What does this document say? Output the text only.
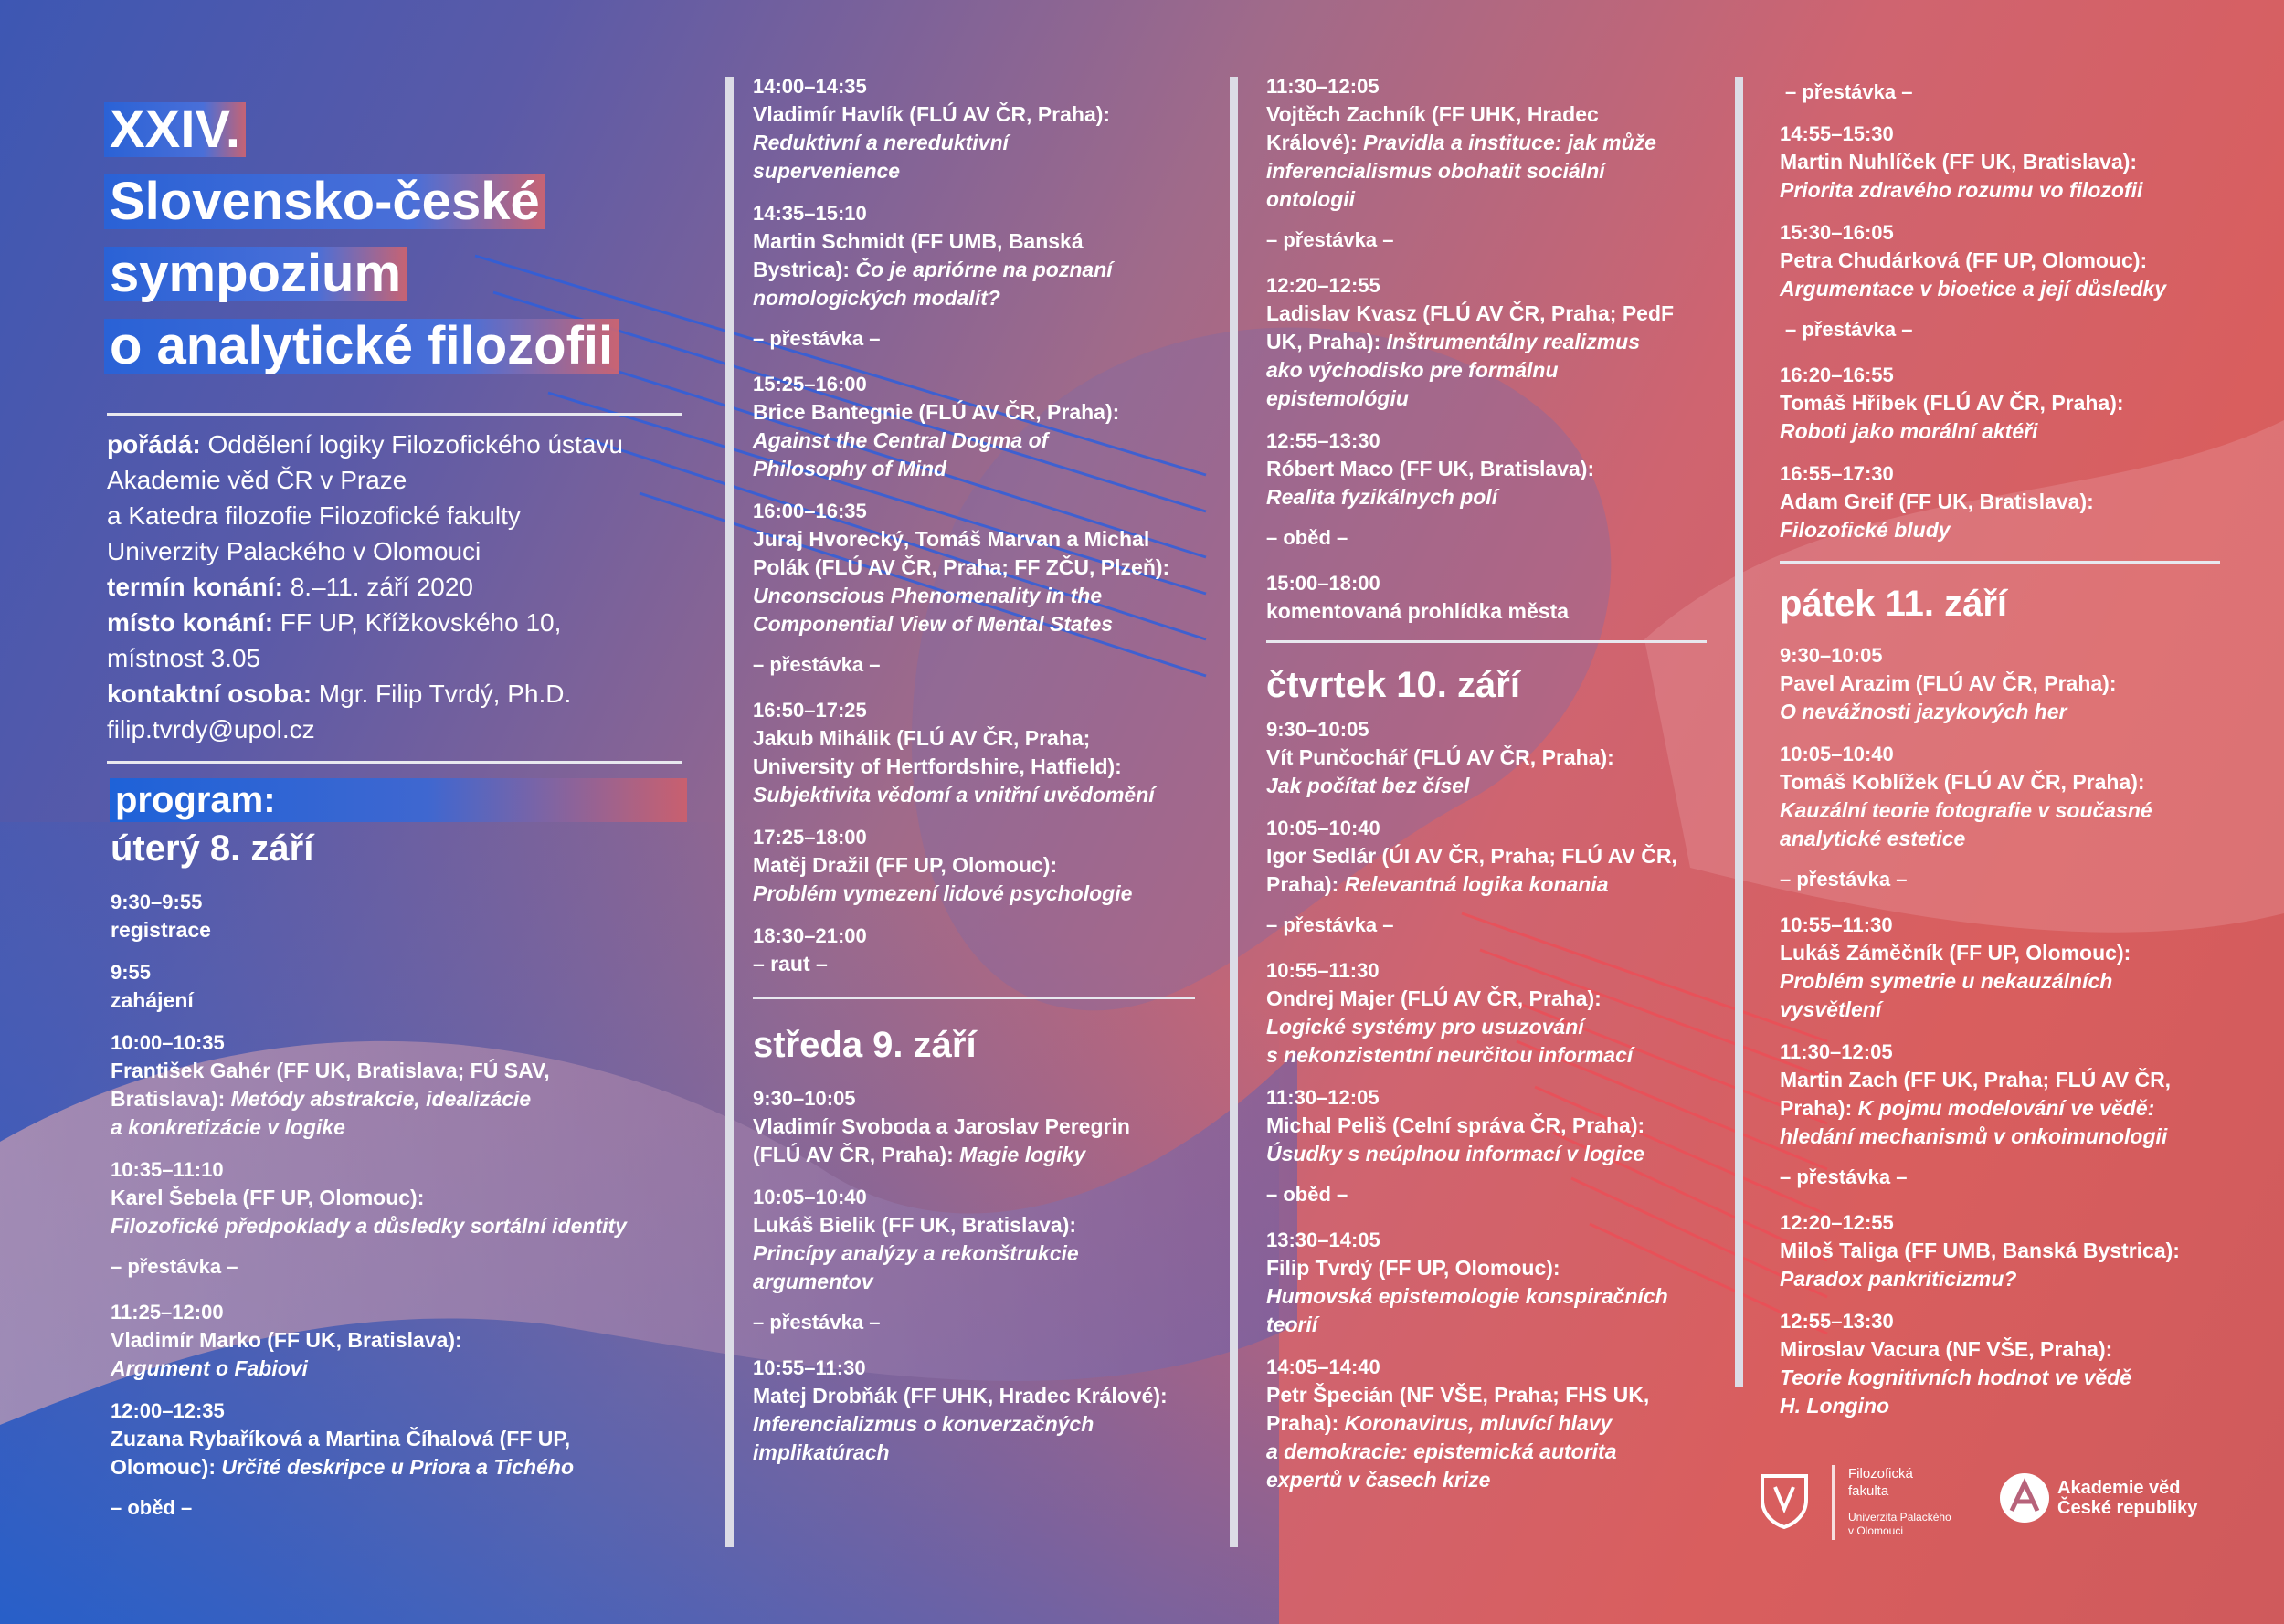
XXIV.
Slovensko-české
sympozium
o analytické filozofii
pořádá: Oddělení logiky Filozofického ústavu
Akademie věd ČR v Praze
a Katedra filozofie Filozofické fakulty
Univerzity Palackého v Olomouci
termín konání: 8.–11. září 2020
místo konání: FF UP, Křížkovského 10,
místnost 3.05
kontaktní osoba: Mgr. Filip Tvrdý, Ph.D.
filip.tvrdy@upol.cz
program:
úterý 8. září
9:30–9:55
registrace
9:55
zahájení
10:00–10:35
František Gahér (FF UK, Bratislava; FÚ SAV,
Bratislava): Metódy abstrakcie, idealizácie
a konkretizácie v logike
10:35–11:10
Karel Šebela (FF UP, Olomouc):
Filozofické předpoklady a důsledky sortální identity
– přestávka –
11:25–12:00
Vladimír Marko (FF UK, Bratislava):
Argument o Fabiovi
12:00–12:35
Zuzana Rybaříková a Martina Číhalová (FF UP,
Olomouc): Určité deskripce u Priora a Tichého
– oběd –
14:00–14:35
Vladimír Havlík (FLÚ AV ČR, Praha):
Reduktivní a nereduktivní
supervenience
14:35–15:10
Martin Schmidt (FF UMB, Banská
Bystrica): Čo je apriórne na poznaní
nomologických modalít?
– přestávka –
15:25–16:00
Brice Bantegnie (FLÚ AV ČR, Praha):
Against the Central Dogma of
Philosophy of Mind
16:00–16:35
Juraj Hvorecký, Tomáš Marvan a Michal
Polák (FLÚ AV ČR, Praha; FF ZČU, Plzeň):
Unconscious Phenomenality in the
Componential View of Mental States
– přestávka –
16:50–17:25
Jakub Mihálik (FLÚ AV ČR, Praha;
University of Hertfordshire, Hatfield):
Subjektivita vědomí a vnitřní uvědomění
17:25–18:00
Matěj Dražil (FF UP, Olomouc):
Problém vymezení lidové psychologie
18:30–21:00
– raut –
středa 9. září
9:30–10:05
Vladimír Svoboda a Jaroslav Peregrin
(FLÚ AV ČR, Praha): Magie logiky
10:05–10:40
Lukáš Bielik (FF UK, Bratislava):
Princípy analýzy a rekonštrukcie
argumentov
– přestávka –
10:55–11:30
Matej Drobňák (FF UHK, Hradec Králové):
Inferencializmus o konverzačných
implikatúrach
11:30–12:05
Vojtěch Zachník (FF UHK, Hradec
Králové): Pravidla a instituce: jak může
inferencialismus obohatit sociální
ontologii
– přestávka –
12:20–12:55
Ladislav Kvasz (FLÚ AV ČR, Praha; PedF
UK, Praha): Inštrumentálny realizmus
ako východisko pre formálnu
epistemológiu
12:55–13:30
Róbert Maco (FF UK, Bratislava):
Realita fyzikálnych polí
– oběd –
15:00–18:00
komentovaná prohlídka města
čtvrtek 10. září
9:30–10:05
Vít Punčochář (FLÚ AV ČR, Praha):
Jak počítat bez čísel
10:05–10:40
Igor Sedlár (ÚI AV ČR, Praha; FLÚ AV ČR,
Praha): Relevantná logika konania
– přestávka –
10:55–11:30
Ondrej Majer (FLÚ AV ČR, Praha):
Logické systémy pro usuzování
s nekonzistentní neurčitou informací
11:30–12:05
Michal Peliš (Celní správa ČR, Praha):
Úsudky s neúplnou informací v logice
– oběd –
13:30–14:05
Filip Tvrdý (FF UP, Olomouc):
Humovská epistemologie konspiračních
teorií
14:05–14:40
Petr Špecián (NF VŠE, Praha; FHS UK,
Praha): Koronavirus, mluvící hlavy
a demokracie: epistemická autorita
expertů v časech krize
– přestávka –
14:55–15:30
Martin Nuhlíček (FF UK, Bratislava):
Priorita zdravého rozumu vo filozofii
15:30–16:05
Petra Chudárková (FF UP, Olomouc):
Argumentace v bioetice a její důsledky
– přestávka –
16:20–16:55
Tomáš Hříbek (FLÚ AV ČR, Praha):
Roboti jako morální aktéři
16:55–17:30
Adam Greif (FF UK, Bratislava):
Filozofické bludy
pátek 11. září
9:30–10:05
Pavel Arazim (FLÚ AV ČR, Praha):
O nevážnosti jazykových her
10:05–10:40
Tomáš Koblížek (FLÚ AV ČR, Praha):
Kauzální teorie fotografie v současné
analytické estetice
– přestávka –
10:55–11:30
Lukáš Záměčník (FF UP, Olomouc):
Problém symetrie u nekauzálních
vysvětlení
11:30–12:05
Martin Zach (FF UK, Praha; FLÚ AV ČR,
Praha): K pojmu modelování ve vědě:
hledání mechanismů v onkoimunologii
– přestávka –
12:20–12:55
Miloš Taliga (FF UMB, Banská Bystrica):
Paradox pankriticizmu?
12:55–13:30
Miroslav Vacura (NF VŠE, Praha):
Teorie kognitivních hodnot ve vědě
H. Longino
Filozofická
fakulta
Univerzita Palackého
v Olomouci
Akademie věd
České republiky
